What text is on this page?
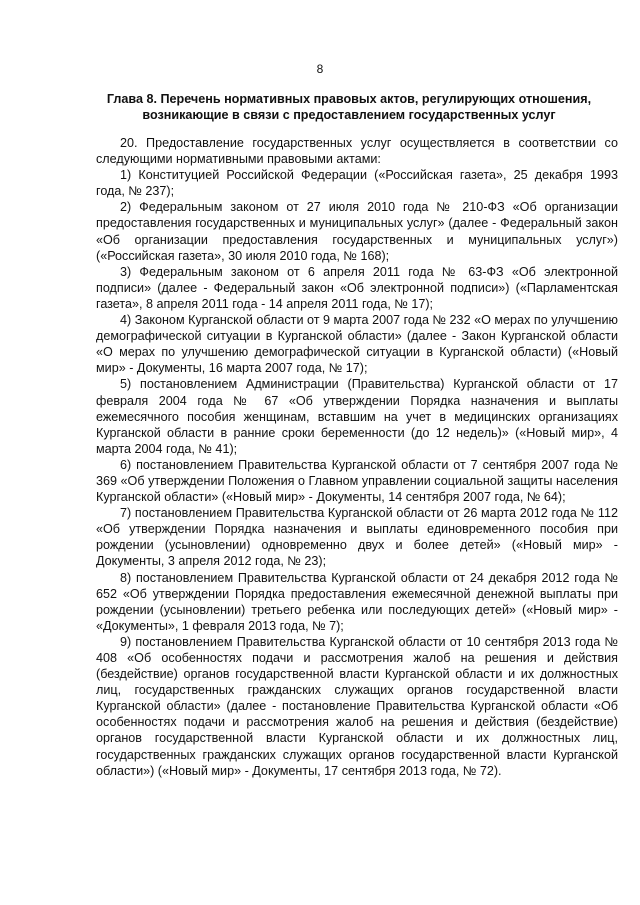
8
Глава 8. Перечень нормативных правовых актов, регулирующих отношения, возникающие в связи с предоставлением государственных услуг

20. Предоставление государственных услуг осуществляется в соответствии со следующими нормативными правовыми актами:

1) Конституцией Российской Федерации («Российская газета», 25 декабря 1993 года, № 237);

2) Федеральным законом от 27 июля 2010 года № 210-ФЗ «Об организации предоставления государственных и муниципальных услуг» (далее - Федеральный закон «Об организации предоставления государственных и муниципальных услуг») («Российская газета», 30 июля 2010 года, № 168);

3) Федеральным законом от 6 апреля 2011 года № 63-ФЗ «Об электронной подписи» (далее - Федеральный закон «Об электронной подписи») («Парламентская газета», 8 апреля 2011 года - 14 апреля 2011 года, № 17);

4) Законом Курганской области от 9 марта 2007 года № 232 «О мерах по улучшению демографической ситуации в Курганской области» (далее - Закон Курганской области «О мерах по улучшению демографической ситуации в Курганской области) («Новый мир» - Документы, 16 марта 2007 года, № 17);

5) постановлением Администрации (Правительства) Курганской области от 17 февраля 2004 года № 67 «Об утверждении Порядка назначения и выплаты ежемесячного пособия женщинам, вставшим на учет в медицинских организациях Курганской области в ранние сроки беременности (до 12 недель)» («Новый мир», 4 марта 2004 года, № 41);

6) постановлением Правительства Курганской области от 7 сентября 2007 года № 369 «Об утверждении Положения о Главном управлении социальной защиты населения Курганской области» («Новый мир» - Документы, 14 сентября 2007 года, № 64);

7) постановлением Правительства Курганской области от 26 марта 2012 года № 112 «Об утверждении Порядка назначения и выплаты единовременного пособия при рождении (усыновлении) одновременно двух и более детей» («Новый мир» - Документы, 3 апреля 2012 года, № 23);

8) постановлением Правительства Курганской области от 24 декабря 2012 года № 652 «Об утверждении Порядка предоставления ежемесячной денежной выплаты при рождении (усыновлении) третьего ребенка или последующих детей» («Новый мир» - «Документы», 1 февраля 2013 года, № 7);

9) постановлением Правительства Курганской области от 10 сентября 2013 года № 408 «Об особенностях подачи и рассмотрения жалоб на решения и действия (бездействие) органов государственной власти Курганской области и их должностных лиц, государственных гражданских служащих органов государственной власти Курганской области» (далее - постановление Правительства Курганской области «Об особенностях подачи и рассмотрения жалоб на решения и действия (бездействие) органов государственной власти Курганской области и их должностных лиц, государственных гражданских служащих органов государственной власти Курганской области») («Новый мир» - Документы, 17 сентября 2013 года, № 72).
